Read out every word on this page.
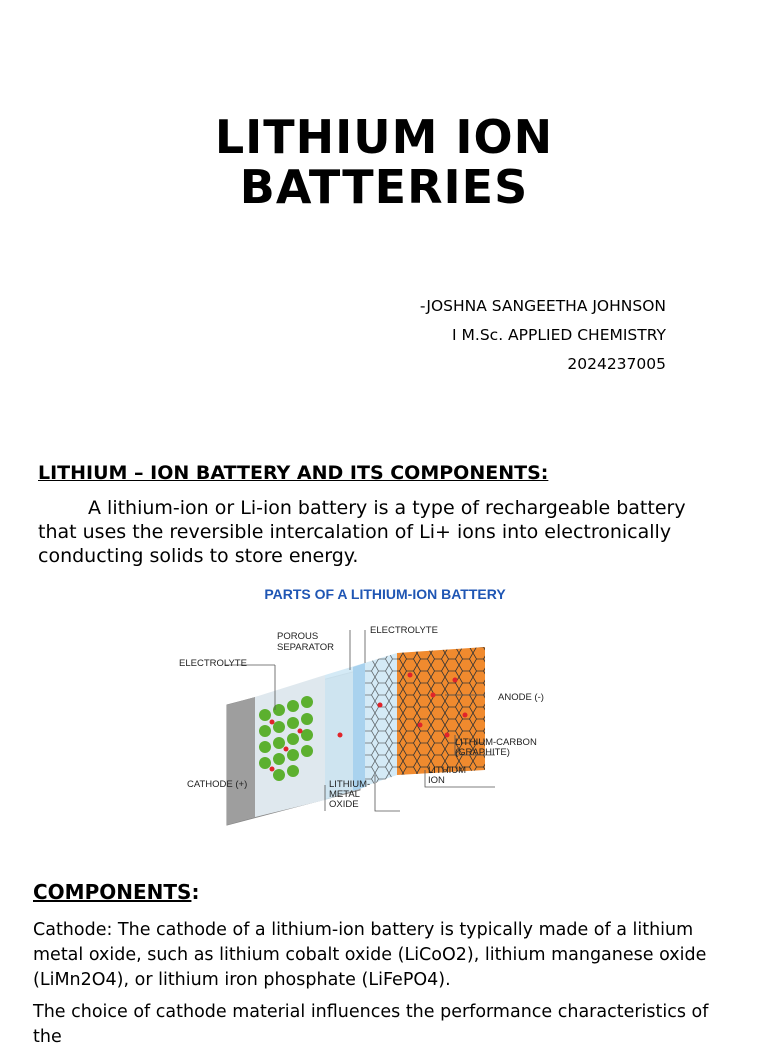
LITHIUM ION
BATTERIES
-JOSHNA SANGEETHA JOHNSON
I M.Sc. APPLIED CHEMISTRY
2024237005
LITHIUM – ION BATTERY AND ITS COMPONENTS:
A lithium-ion or Li-ion battery is a type of rechargeable battery that uses the reversible intercalation of Li+ ions into electronically conducting solids to store energy.
PARTS OF A LITHIUM-ION BATTERY
POROUS
SEPARATOR
ELECTROLYTE
ELECTROLYTE
ANODE (-)
LITHIUM-CARBON
(GRAPHITE)
LITHIUM
ION
CATHODE (+)	LITHIUM-
METAL
OXIDE
COMPONENTS:
Cathode: The cathode of a lithium-ion battery is typically made of a lithium metal oxide, such as lithium cobalt oxide (LiCoO2), lithium manganese oxide (LiMn2O4), or lithium iron phosphate (LiFePO4).
The choice of cathode material influences the performance characteristics of the
